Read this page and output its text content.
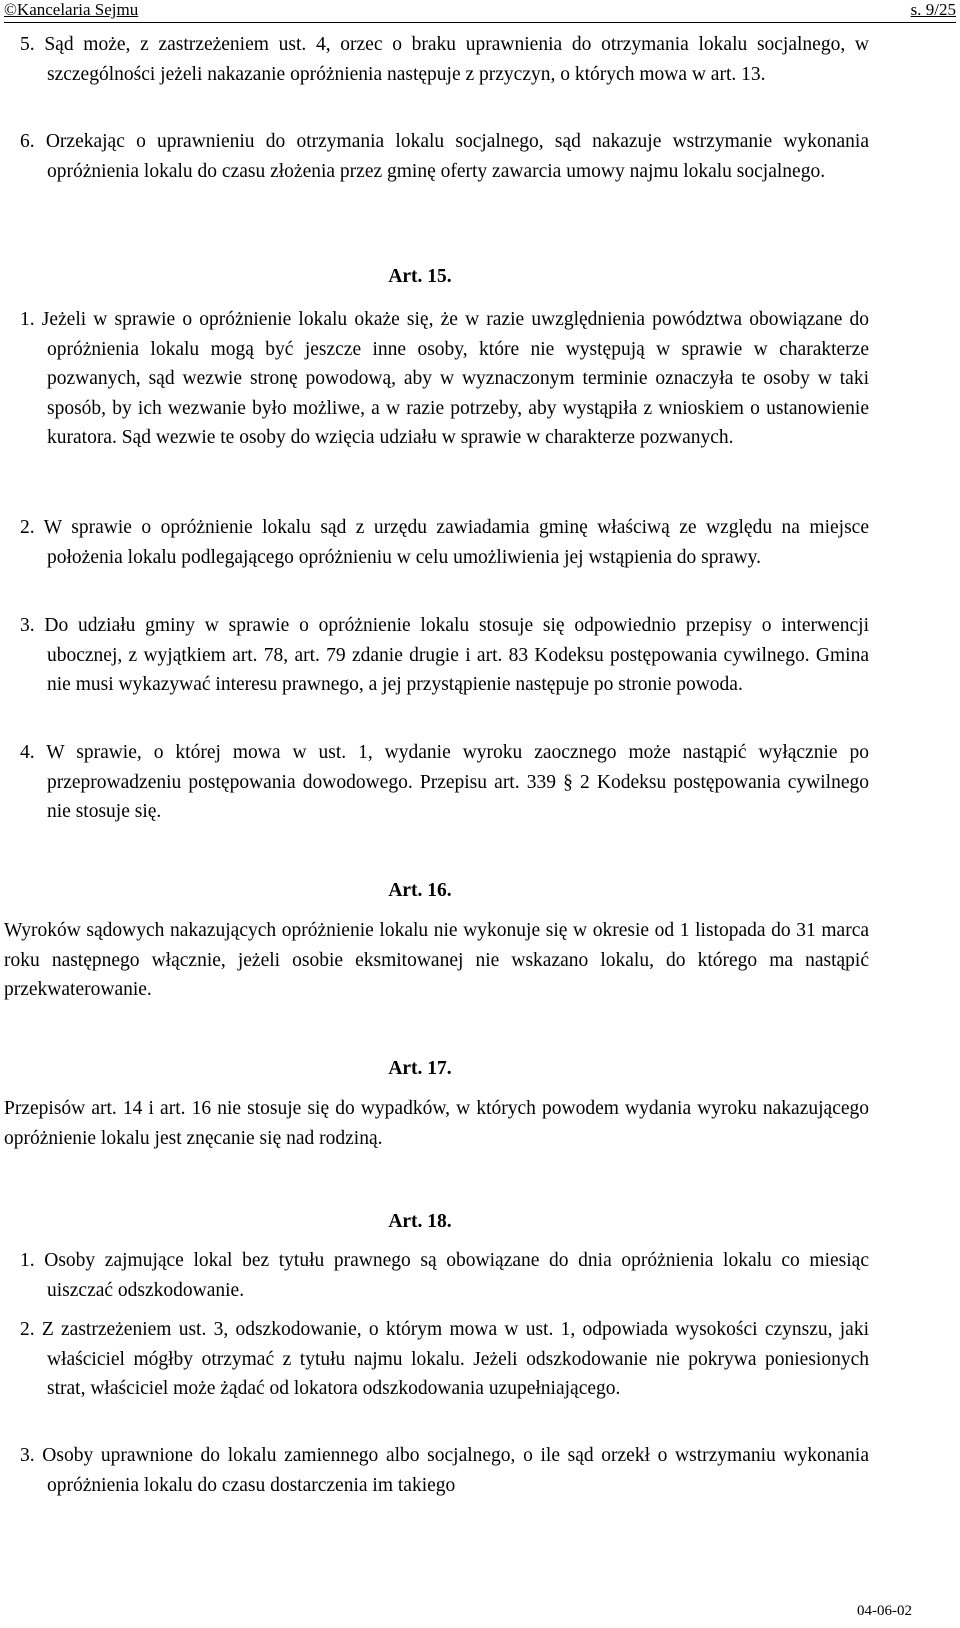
©Kancelaria Sejmu	s. 9/25

5. Sąd może, z zastrzeżeniem ust. 4, orzec o braku uprawnienia do otrzymania lokalu socjalnego, w szczególności jeżeli nakazanie opróżnienia następuje z przyczyn, o których mowa w art. 13.

6. Orzekając o uprawnieniu do otrzymania lokalu socjalnego, sąd nakazuje wstrzymanie wykonania opróżnienia lokalu do czasu złożenia przez gminę oferty zawarcia umowy najmu lokalu socjalnego.

Art. 15.

1. Jeżeli w sprawie o opróżnienie lokalu okaże się, że w razie uwzględnienia powództwa obowiązane do opróżnienia lokalu mogą być jeszcze inne osoby, które nie występują w sprawie w charakterze pozwanych, sąd wezwie stronę powodową, aby w wyznaczonym terminie oznaczyła te osoby w taki sposób, by ich wezwanie było możliwe, a w razie potrzeby, aby wystąpiła z wnioskiem o ustanowienie kuratora. Sąd wezwie te osoby do wzięcia udziału w sprawie w charakterze pozwanych.

2. W sprawie o opróżnienie lokalu sąd z urzędu zawiadamia gminę właściwą ze względu na miejsce położenia lokalu podlegającego opróżnieniu w celu umożliwienia jej wstąpienia do sprawy.

3. Do udziału gminy w sprawie o opróżnienie lokalu stosuje się odpowiednio przepisy o interwencji ubocznej, z wyjątkiem art. 78, art. 79 zdanie drugie i art. 83 Kodeksu postępowania cywilnego. Gmina nie musi wykazywać interesu prawnego, a jej przystąpienie następuje po stronie powoda.

4. W sprawie, o której mowa w ust. 1, wydanie wyroku zaocznego może nastąpić wyłącznie po przeprowadzeniu postępowania dowodowego. Przepisu art. 339 § 2 Kodeksu postępowania cywilnego nie stosuje się.

Art. 16.

Wyroków sądowych nakazujących opróżnienie lokalu nie wykonuje się w okresie od 1 listopada do 31 marca roku następnego włącznie, jeżeli osobie eksmitowanej nie wskazano lokalu, do którego ma nastąpić przekwaterowanie.

Art. 17.

Przepisów art. 14 i art. 16 nie stosuje się do wypadków, w których powodem wydania wyroku nakazującego opróżnienie lokalu jest znęcanie się nad rodziną.

Art. 18.

1. Osoby zajmujące lokal bez tytułu prawnego są obowiązane do dnia opróżnienia lokalu co miesiąc uiszczać odszkodowanie.

2. Z zastrzeżeniem ust. 3, odszkodowanie, o którym mowa w ust. 1, odpowiada wysokości czynszu, jaki właściciel mógłby otrzymać z tytułu najmu lokalu. Jeżeli odszkodowanie nie pokrywa poniesionych strat, właściciel może żądać od lokatora odszkodowania uzupełniającego.

3. Osoby uprawnione do lokalu zamiennego albo socjalnego, o ile sąd orzekł o wstrzymaniu wykonania opróżnienia lokalu do czasu dostarczenia im takiego

04-06-02
